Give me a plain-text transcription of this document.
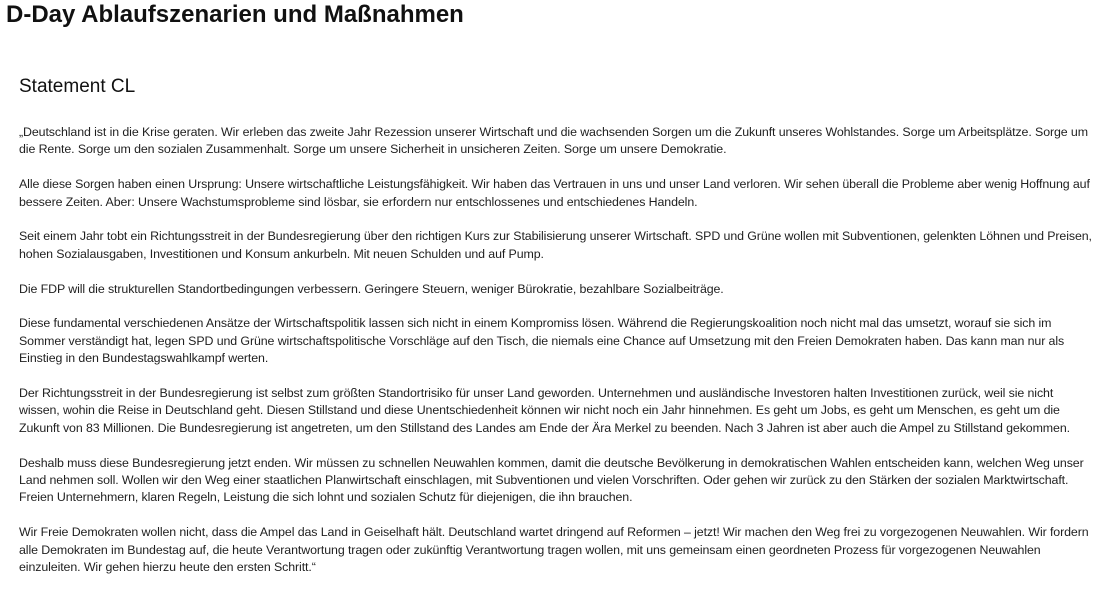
D-Day Ablaufszenarien und Maßnahmen
Statement CL

„Deutschland ist in die Krise geraten. Wir erleben das zweite Jahr Rezession unserer Wirtschaft und die wachsenden Sorgen um die Zukunft unseres Wohlstandes. Sorge um Arbeitsplätze. Sorge um die Rente. Sorge um den sozialen Zusammenhalt. Sorge um unsere Sicherheit in unsicheren Zeiten. Sorge um unsere Demokratie.

Alle diese Sorgen haben einen Ursprung: Unsere wirtschaftliche Leistungsfähigkeit. Wir haben das Vertrauen in uns und unser Land verloren. Wir sehen überall die Probleme aber wenig Hoffnung auf bessere Zeiten. Aber: Unsere Wachstumsprobleme sind lösbar, sie erfordern nur entschlossenes und entschiedenes Handeln.

Seit einem Jahr tobt ein Richtungsstreit in der Bundesregierung über den richtigen Kurs zur Stabilisierung unserer Wirtschaft. SPD und Grüne wollen mit Subventionen, gelenkten Löhnen und Preisen, hohen Sozialausgaben, Investitionen und Konsum ankurbeln. Mit neuen Schulden und auf Pump.

Die FDP will die strukturellen Standortbedingungen verbessern. Geringere Steuern, weniger Bürokratie, bezahlbare Sozialbeiträge.

Diese fundamental verschiedenen Ansätze der Wirtschaftspolitik lassen sich nicht in einem Kompromiss lösen. Während die Regierungskoalition noch nicht mal das umsetzt, worauf sie sich im Sommer verständigt hat, legen SPD und Grüne wirtschaftspolitische Vorschläge auf den Tisch, die niemals eine Chance auf Umsetzung mit den Freien Demokraten haben. Das kann man nur als Einstieg in den Bundestagswahlkampf werten.

Der Richtungsstreit in der Bundesregierung ist selbst zum größten Standortrisiko für unser Land geworden. Unternehmen und ausländische Investoren halten Investitionen zurück, weil sie nicht wissen, wohin die Reise in Deutschland geht. Diesen Stillstand und diese Unentschiedenheit können wir nicht noch ein Jahr hinnehmen. Es geht um Jobs, es geht um Menschen, es geht um die Zukunft von 83 Millionen. Die Bundesregierung ist angetreten, um den Stillstand des Landes am Ende der Ära Merkel zu beenden. Nach 3 Jahren ist aber auch die Ampel zu Stillstand gekommen.

Deshalb muss diese Bundesregierung jetzt enden. Wir müssen zu schnellen Neuwahlen kommen, damit die deutsche Bevölkerung in demokratischen Wahlen entscheiden kann, welchen Weg unser Land nehmen soll. Wollen wir den Weg einer staatlichen Planwirtschaft einschlagen, mit Subventionen und vielen Vorschriften. Oder gehen wir zurück zu den Stärken der sozialen Marktwirtschaft. Freien Unternehmern, klaren Regeln, Leistung die sich lohnt und sozialen Schutz für diejenigen, die ihn brauchen.

Wir Freie Demokraten wollen nicht, dass die Ampel das Land in Geiselhaft hält. Deutschland wartet dringend auf Reformen – jetzt! Wir machen den Weg frei zu vorgezogenen Neuwahlen. Wir fordern alle Demokraten im Bundestag auf, die heute Verantwortung tragen oder zukünftig Verantwortung tragen wollen, mit uns gemeinsam einen geordneten Prozess für vorgezogenen Neuwahlen einzuleiten. Wir gehen hierzu heute den ersten Schritt.“
